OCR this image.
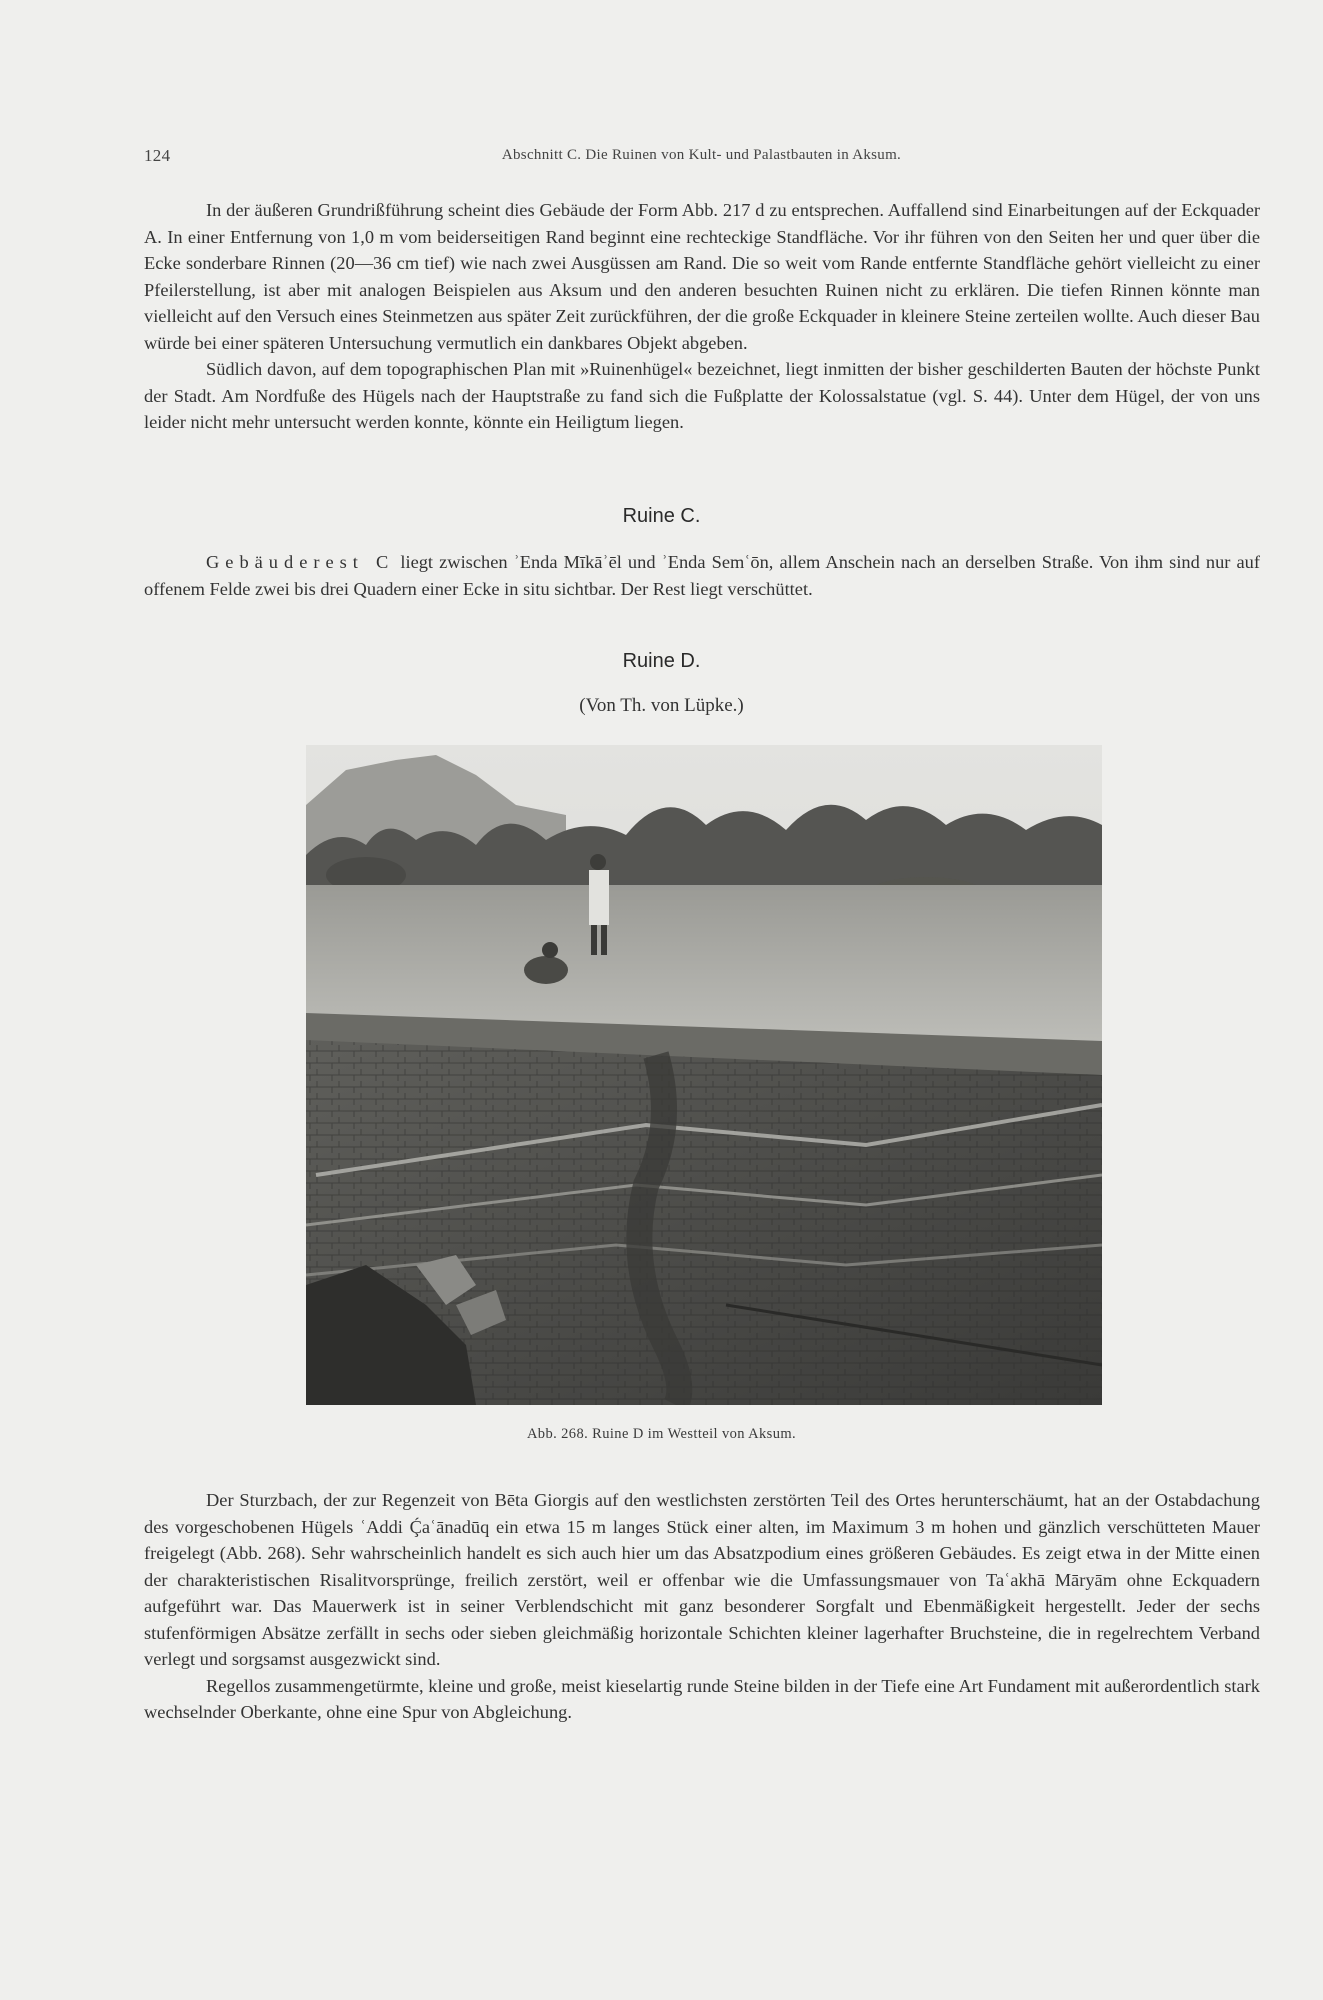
124	Abschnitt C. Die Ruinen von Kult- und Palastbauten in Aksum.

In der äußeren Grundrißführung scheint dies Gebäude der Form Abb. 217 d zu entsprechen. Auffallend sind Einarbeitungen auf der Eckquader A. In einer Entfernung von 1,0 m vom beiderseitigen Rand beginnt eine rechteckige Standfläche. Vor ihr führen von den Seiten her und quer über die Ecke sonderbare Rinnen (20—36 cm tief) wie nach zwei Ausgüssen am Rand. Die so weit vom Rande entfernte Standfläche gehört vielleicht zu einer Pfeilerstellung, ist aber mit analogen Beispielen aus Aksum und den anderen besuchten Ruinen nicht zu erklären. Die tiefen Rinnen könnte man vielleicht auf den Versuch eines Steinmetzen aus später Zeit zurückführen, der die große Eckquader in kleinere Steine zerteilen wollte. Auch dieser Bau würde bei einer späteren Untersuchung vermutlich ein dankbares Objekt abgeben.

Südlich davon, auf dem topographischen Plan mit »Ruinenhügel« bezeichnet, liegt inmitten der bisher geschilderten Bauten der höchste Punkt der Stadt. Am Nordfuße des Hügels nach der Hauptstraße zu fand sich die Fußplatte der Kolossalstatue (vgl. S. 44). Unter dem Hügel, der von uns leider nicht mehr untersucht werden konnte, könnte ein Heiligtum liegen.

Ruine C.

Gebäuderest C liegt zwischen ʾEnda Mīkāʾēl und ʾEnda Semʿōn, allem Anschein nach an derselben Straße. Von ihm sind nur auf offenem Felde zwei bis drei Quadern einer Ecke in situ sichtbar. Der Rest liegt verschüttet.

Ruine D.
(Von Th. von Lüpke.)
Abb. 268. Ruine D im Westteil von Aksum.

Der Sturzbach, der zur Regenzeit von Bēta Giorgis auf den westlichsten zerstörten Teil des Ortes herunterschäumt, hat an der Ostabdachung des vorgeschobenen Hügels ʿAddi Ḉaʿānadūq ein etwa 15 m langes Stück einer alten, im Maximum 3 m hohen und gänzlich verschütteten Mauer freigelegt (Abb. 268). Sehr wahrscheinlich handelt es sich auch hier um das Absatzpodium eines größeren Gebäudes. Es zeigt etwa in der Mitte einen der charakteristischen Risalitvorsprünge, freilich zerstört, weil er offenbar wie die Umfassungsmauer von Taʿakhā Māryām ohne Eckquadern aufgeführt war. Das Mauerwerk ist in seiner Verblendschicht mit ganz besonderer Sorgfalt und Ebenmäßigkeit hergestellt. Jeder der sechs stufenförmigen Absätze zerfällt in sechs oder sieben gleichmäßig horizontale Schichten kleiner lagerhafter Bruchsteine, die in regelrechtem Verband verlegt und sorgsamst ausgezwickt sind.

Regellos zusammengetürmte, kleine und große, meist kieselartig runde Steine bilden in der Tiefe eine Art Fundament mit außerordentlich stark wechselnder Oberkante, ohne eine Spur von Abgleichung.
